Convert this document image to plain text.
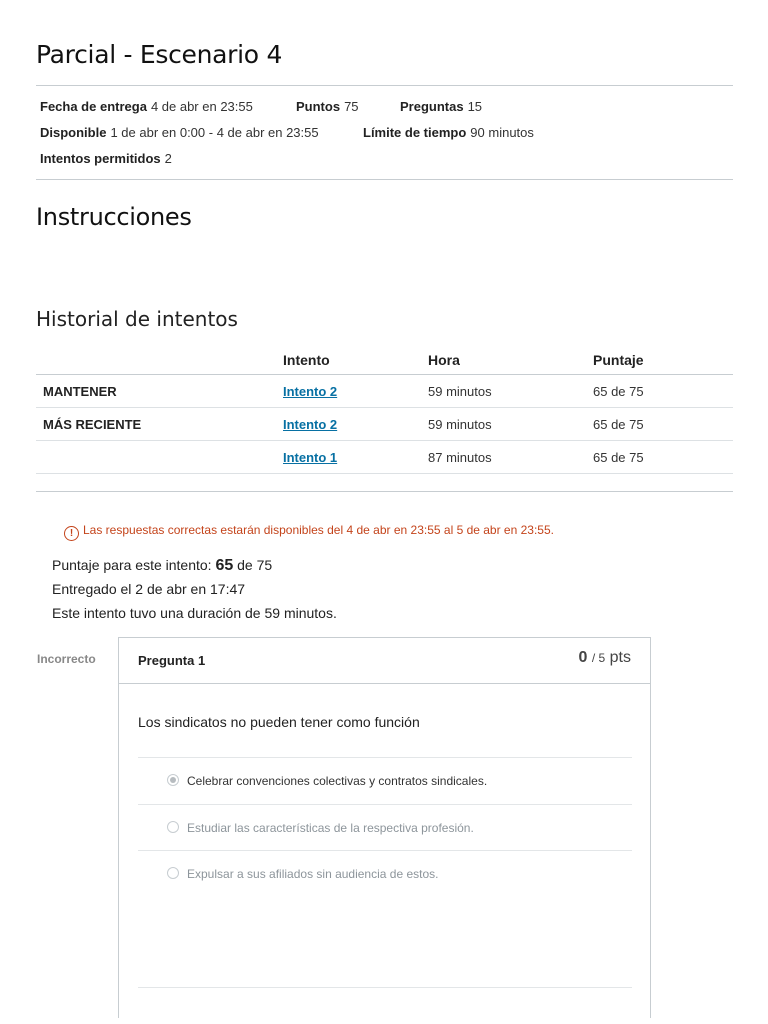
Parcial - Escenario 4
Fecha de entrega 4 de abr en 23:55	Puntos 75	Preguntas 15
Disponible 1 de abr en 0:00 - 4 de abr en 23:55	Límite de tiempo 90 minutos
Intentos permitidos 2
Instrucciones
Historial de intentos
	Intento	Hora	Puntaje
MANTENER	Intento 2	59 minutos	65 de 75
MÁS RECIENTE	Intento 2	59 minutos	65 de 75
	Intento 1	87 minutos	65 de 75
! Las respuestas correctas estarán disponibles del 4 de abr en 23:55 al 5 de abr en 23:55.
Puntaje para este intento: 65 de 75
Entregado el 2 de abr en 17:47
Este intento tuvo una duración de 59 minutos.
Incorrecto	Pregunta 1	0 / 5 pts
Los sindicatos no pueden tener como función
Celebrar convenciones colectivas y contratos sindicales.
Estudiar las características de la respectiva profesión.
Expulsar a sus afiliados sin audiencia de estos.
